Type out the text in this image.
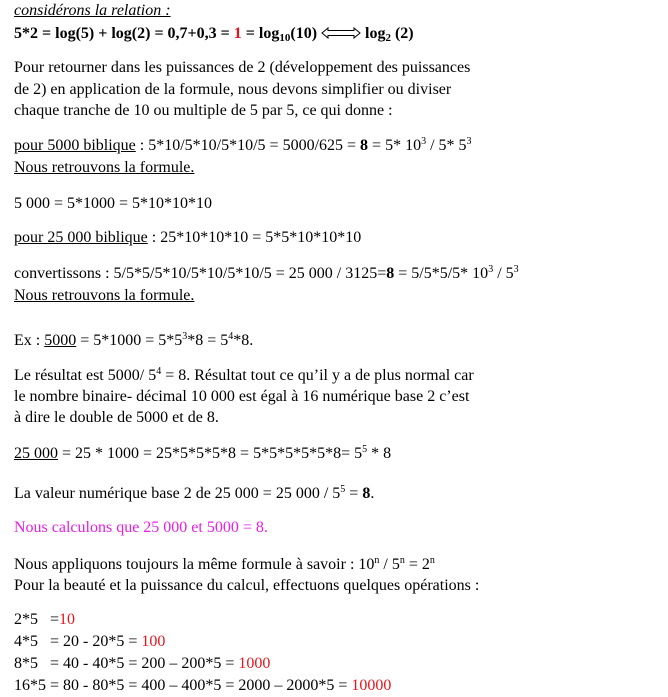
considérons la relation :
$5*2 = \log(5) + \log(2) = 0,7+0,3 = 1 = \log_{10}(10)$	$\log_2 (2)$
Pour retourner dans les puissances de 2 (développement des puissances
de 2) en application de la formule, nous devons simplifier ou diviser
chaque tranche de 10 ou multiple de 5 par 5, ce qui donne :
pour 5000 biblique : 5*10/5*10/5*10/5 = 5000/625 = 8 = 5* $10^3 / 5*$ $5^3$
Nous retrouvons la formule.
5 000 = 5*1000 = 5*10*10*10
pour 25 000 biblique : 25*10*10*10 = 5*5*10*10*10
convertissons : 5/5*5/5*10/5*10/5*10/5 = 25 000 / 3125=8 = 5/5*5/5* $10^3 / 5^3$
Nous retrouvons la formule.
Ex : $5000 = 5*1000 = 5*5^3*8 = 5^4*8$.
Le résultat est 5000/ $5^4 = 8$. Résultat tout ce qu’il y a de plus normal car
le nombre binaire- décimal 10 000 est égal à 16 numérique base 2 c’est
à dire le double de 5000 et de 8.
25 $000 = 25 * 1000 = 25*5*5*5*8 = 5*5*5*5*5*8= 5^5 * 8$
La valeur numérique base 2 de 25 000 = 25 $000 / 5^5 = 8$.
Nous calculons que 25 000 et 5000 = 8.
Nous appliquons toujours la même formule à savoir : $10^n / 5^n = 2^n$
Pour la beauté et la puissance du calcul, effectuons quelques opérations :
2*5   =10
4*5   = 20 - 20*5 = 100
8*5   = 40 - 40*5 = 200 – 200*5 = 1000
16*5 = 80 - 80*5 = 400 – 400*5 = 2000 – 2000*5 = 10000
